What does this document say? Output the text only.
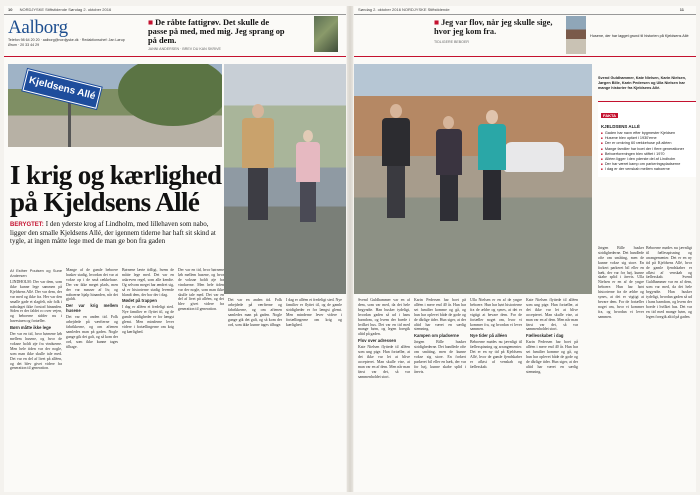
10 NORDJYSKE Stiftstidende Søndag 2. oktober 2016
Aalborg
Telefon 98 64 20 20 · aalborg@nordjyske.dk · Redaktionschef: Jan Lørup Ørum · 20 33 44 29
■ De råbte fattigrøv. Det skulle de passe på med, med mig. Jeg sprang op på dem.
JANNI ANDERSEN · BREV DU KAN SKRIVE
Kjeldsens Allé
I krig og kærlighed på Kjeldsens Allé
BERYGTET: I den yderste krog af Lindholm, med lillehaven som nabo, ligger den smalle Kjeldsens Allé, der igennem tiderne har haft sit skind at tygle, at ingen måtte lege med de man ge bon fra gaden
Af Esther Poulsen og Sune Andersen
LINDHOLM: Der var dem, som ikke kunne lege sammen på Kjeldsens Allé. Der var dem, der var med og ikke fra. Her var den smalle gade et slagfelt, når folk i nabolaget ikke forstod hinanden. Siden er der faldet ro over vejen, og beboerne sidder nu i havestuen og fortæller.
Børn måtte ikke lege
Der var en tid, hvor børnene løb mellem husene, og hvor de voksne holdt øje fra vinduerne. Men hele tiden var der nogle, som man ikke skulle tale med. Det var en del af livet på alléen, og det blev givet videre fra generation til generation.
Mange af de gamle beboere husker stadig, hvordan det var at vokse op i de små rækkehuse. Der var ikke meget plads, men der var masser af liv, og naboerne hjalp hinanden, når det gjaldt.
Der var krig mellem husene
Det var en anden tid. Folk arbejdede på værfterne og fabrikkerne, og om aftenen samledes man på gaden. Nogle gange gik det galt, og så kom der ord, som ikke kunne tages tilbage.
Børnene lærte tidligt, hvem de måtte lege med. Det var en uskreven regel, som alle kendte. Og selvom meget har ændret sig, så er historierne stadig levende blandt dem, der bor der i dag.
Mødet på trappen
I dag er alléen et fredeligt sted. Nye familier er flyttet til, og de gamle stridigheder er for længst glemt. Men minderne lever videre i fortællingerne om krig og kærlighed.
Der var en tid, hvor børnene løb mellem husene, og hvor de voksne holdt øje fra vinduerne. Men hele tiden var der nogle, som man ikke skulle tale med. Det var en del af livet på alléen, og det blev givet videre fra generation til generation.
Det var en anden tid. Folk arbejdede på værfterne og fabrikkerne, og om aftenen samledes man på gaden. Nogle gange gik det galt, og så kom der ord, som ikke kunne tages tilbage.
I dag er alléen et fredeligt sted. Nye familier er flyttet til, og de gamle stridigheder er for længst glemt. Men minderne lever videre i fortællingerne om krig og kærlighed.
Søndag 2. oktober 2016 NORDJYSKE Stiftstidende	11
■ Jeg var flov, når jeg skulle sige, hvor jeg kom fra.
TIDLIGERE BEBOER
Husene, der har lagget grund til historien på Kjeldsens Allé
Svend Guldhammer, Kate Nielsen, Karin Nielsen, Jørgen Bille, Karin Pedersen og Ulla Nielsen har mange historier fra Kjeldsens Allé.
FAKTA
KJELDSENS ALLÉ
■ Gaden har navn efter bygmester Kjeldsen
■ Husene blev opført i 1930'erne
■ Der er omkring 60 rækkehuse på alléen
■ Mange familier har boet der i flere generationer
■ Beboerforeningen blev stiftet i 1970
■ Alléen ligger i den yderste del af Lindholm
■ Der har været kamp om parkeringspladserne
■ I dag er der venskab mellem naboerne
Svend Guldhammer var en af dem, som var med, da det hele begyndte. Han husker tydeligt, hvordan gaden så ud i hans barndom, og hvem der boede i hvilket hus. Det var en tid med mange børn, og legen foregik altid på gaden.
Flov over adressen
Kate Nielsen flyttede til alléen som ung pige. Hun fortæller, at det ikke var let at blive accepteret. Man skulle vise, at man var en af dem. Men når man først var det, så var sammenholdet stort.
Karin Pedersen har boet på alléen i mere end 40 år. Hun har set familier komme og gå, og hun har oplevet både de gode og de dårlige tider. Hun siger, at der altid har været en særlig stemning.
Kampen om pladserne
Jørgen Bille husker stridighederne. Det handlede ofte om småting, men de kunne vokse sig store. En forkert parkeret bil eller en hæk, der var for høj, kunne skabe splid i årevis.
Ulla Nielsen er en af de yngre beboere. Hun har hørt historierne fra de ældre og synes, at det er vigtigt at bevare dem. For de fortæller noget om, hvor vi kommer fra, og hvordan vi lever sammen.
Nye tider på alléen
Beboerne mødes nu jævnligt til fællesspisning og arrangementer. Det er en ny tid på Kjeldsens Allé, hvor de gamle fjendskaber er afløst af venskab og fællesskab.
Kate Nielsen flyttede til alléen som ung pige. Hun fortæller, at det ikke var let at blive accepteret. Man skulle vise, at man var en af dem. Men når man først var det, så var sammenholdet stort.
Fællesskabet i dag
Karin Pedersen har boet på alléen i mere end 40 år. Hun har set familier komme og gå, og hun har oplevet både de gode og de dårlige tider. Hun siger, at der altid har været en særlig stemning.
Jørgen Bille husker stridighederne. Det handlede ofte om småting, men de kunne vokse sig store. En forkert parkeret bil eller en hæk, der var for høj, kunne skabe splid i årevis. Ulla Nielsen er en af de yngre beboere. Hun har hørt historierne fra de ældre og synes, at det er vigtigt at bevare dem. For de fortæller noget om, hvor vi kommer fra, og hvordan vi lever sammen.
Beboerne mødes nu jævnligt til fællesspisning og arrangementer. Det er en ny tid på Kjeldsens Allé, hvor de gamle fjendskaber er afløst af venskab og fællesskab.	Svend Guldhammer var en af dem, som var med, da det hele begyndte. Han husker tydeligt, hvordan gaden så ud i hans barndom, og hvem der boede i hvilket hus. Det var en tid med mange børn, og legen foregik altid på gaden.
